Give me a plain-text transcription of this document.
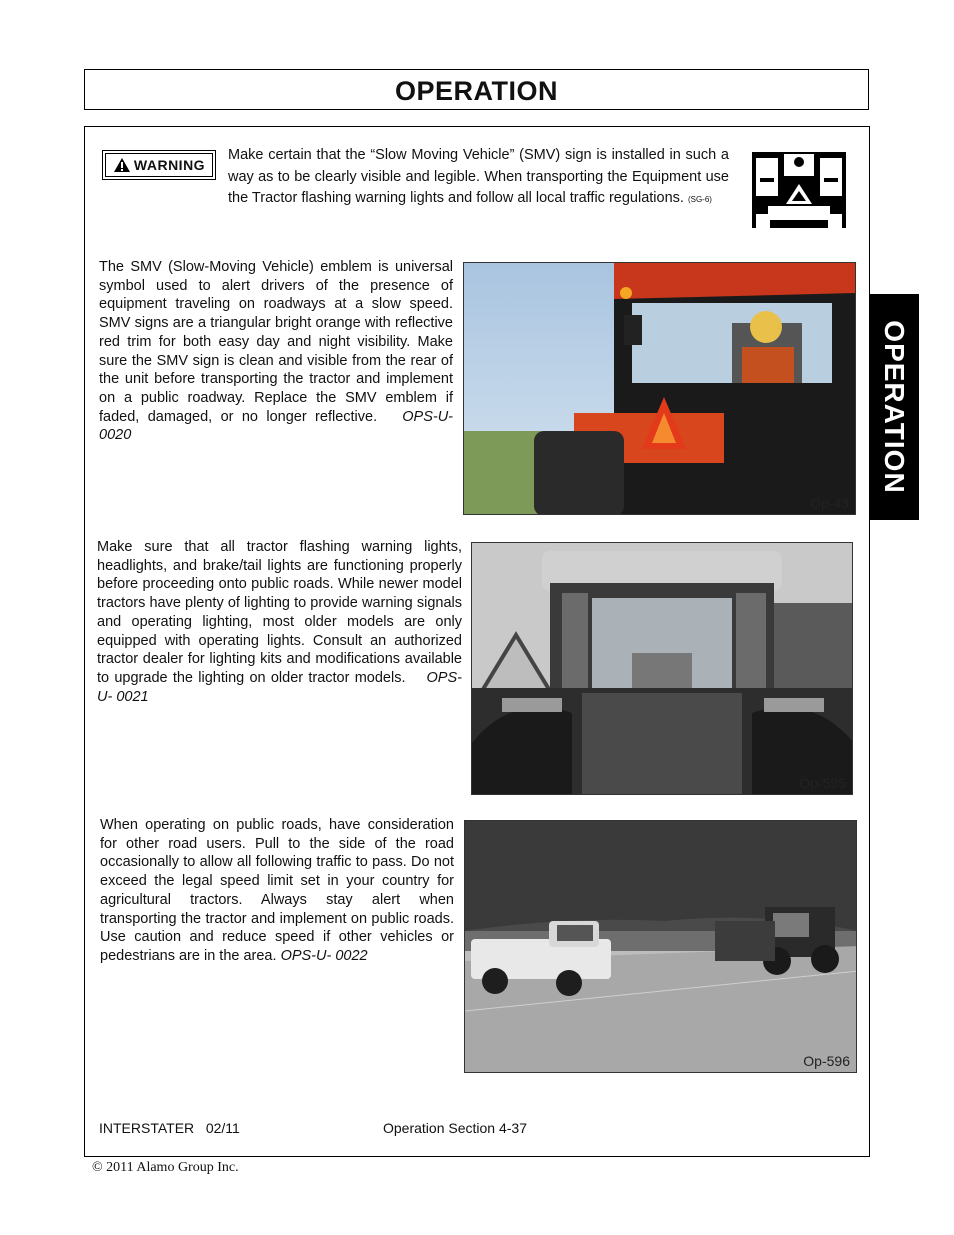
OPERATION
OPERATION
WARNING
Make certain that the “Slow Moving Vehicle” (SMV) sign is installed in such a way as to be clearly visible and legible. When transporting the Equipment use the Tractor flashing warning lights and follow all local traffic regulations. (SG-6)
The SMV (Slow-Moving Vehicle) emblem is universal symbol used to alert drivers of the presence of equipment traveling on roadways at a slow speed. SMV signs are a triangular bright orange with reflective red trim for both easy day and night visibility. Make sure the SMV sign is clean and visible from the rear of the unit before transporting the tractor and implement on a public roadway. Replace the SMV emblem if faded, damaged, or no longer reflective. OPS-U- 0020
Op-43
Make sure that all tractor flashing warning lights, headlights, and brake/tail lights are functioning properly before proceeding onto public roads. While newer model tractors have plenty of lighting to provide warning signals and operating lighting, most older models are only equipped with operating lights. Consult an authorized tractor dealer for lighting kits and modifications available to upgrade the lighting on older tractor models. OPS-U- 0021
Op-595
When operating on public roads, have consideration for other road users. Pull to the side of the road occasionally to allow all following traffic to pass. Do not exceed the legal speed limit set in your country for agricultural tractors. Always stay alert when transporting the tractor and implement on public roads. Use caution and reduce speed if other vehicles or pedestrians are in the area. OPS-U- 0022
Op-596
INTERSTATER 02/11	Operation Section 4-37
© 2011 Alamo Group Inc.
